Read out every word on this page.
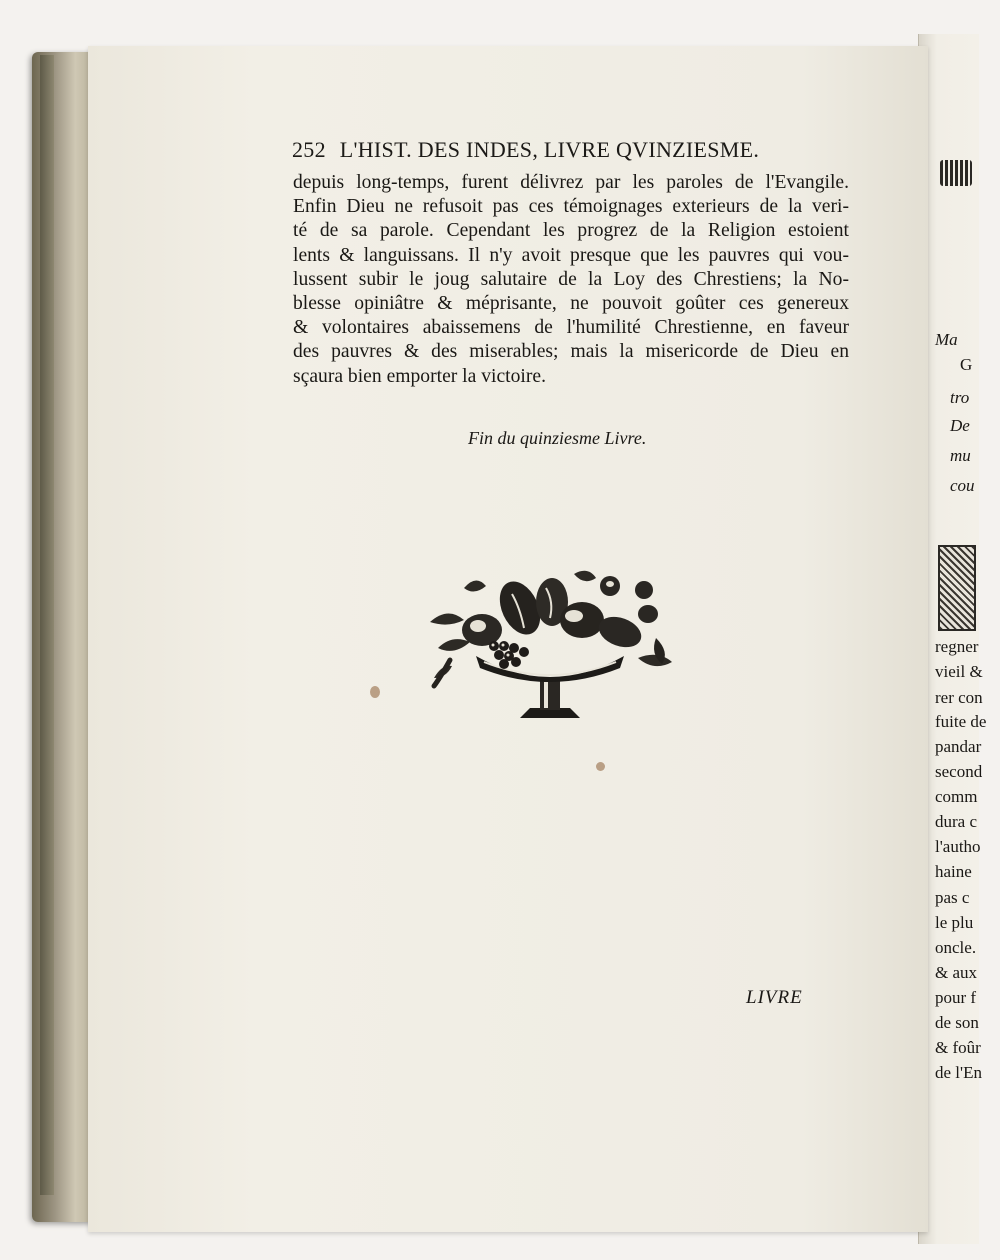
252 L'HIST. DES INDES, LIVRE QVINZIESME.
depuis long-temps, furent délivrez par les paroles de l'Evangile.
Enfin Dieu ne refusoit pas ces témoignages exterieurs de la veri-
té de sa parole. Cependant les progrez de la Religion estoient
lents & languissans. Il n'y avoit presque que les pauvres qui vou-
lussent subir le joug salutaire de la Loy des Chrestiens; la No-
blesse opiniâtre & méprisante, ne pouvoit goûter ces genereux
& volontaires abaissemens de l'humilité Chrestienne, en faveur
des pauvres & des miserables; mais la misericorde de Dieu en
sçaura bien emporter la victoire.
Fin du quinziesme Livre.
LIVRE
Ma
G
tro
De
mu
cou
regner
vieil &
rer con
fuite de
pandar
second
comm
dura c
l'autho
haine
pas c
le plu
oncle.
& aux
pour f
de son
& foûr
de l'En
